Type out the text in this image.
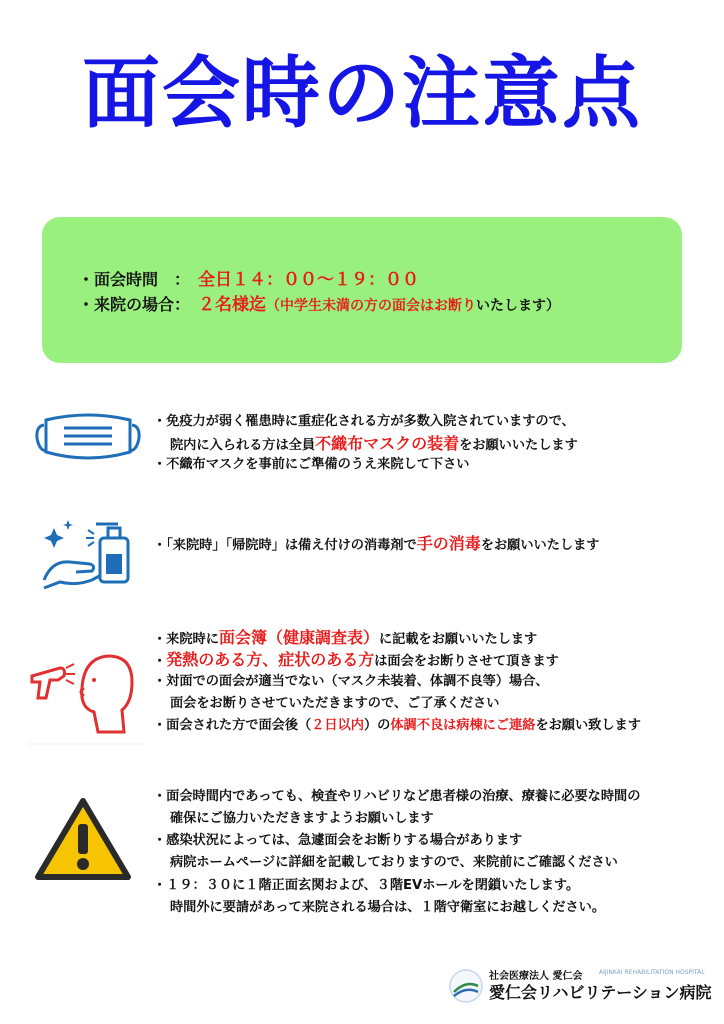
面会時の注意点
・面会時間　： 全日１４：００〜１９：００
・来院の場合： ２名様迄（中学生未満の方の面会はお断りいたします）
・免疫力が弱く罹患時に重症化される方が多数入院されていますので、
院内に入られる方は全員不織布マスクの装着をお願いいたします
・不織布マスクを事前にご準備のうえ来院して下さい
・「来院時」「帰院時」は備え付けの消毒剤で手の消毒をお願いいたします
・来院時に面会簿（健康調査表）に記載をお願いいたします
・発熱のある方、症状のある方は面会をお断りさせて頂きます
・対面での面会が適当でない（マスク未装着、体調不良等）場合、
面会をお断りさせていただきますので、ご了承ください
・面会された方で面会後（２日以内）の体調不良は病棟にご連絡をお願い致します
・面会時間内であっても、検査やリハビリなど患者様の治療、療養に必要な時間の
確保にご協力いただきますようお願いします
・感染状況によっては、急遽面会をお断りする場合があります
病院ホームページに詳細を記載しておりますので、来院前にご確認ください
・１９：３０に１階正面玄関および、３階EVホールを閉鎖いたします。
時間外に要請があって来院される場合は、１階守衛室にお越しください。
社会医療法人 愛仁会	AIJINKAI REHABILITATION HOSPITAL
愛仁会リハビリテーション病院
